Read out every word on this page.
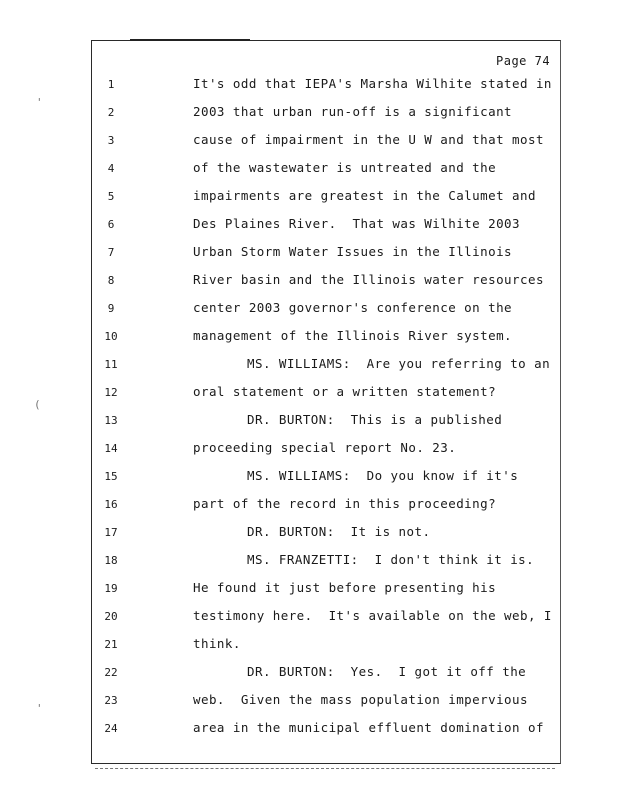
Page 74
'
(
'
1	It's odd that IEPA's Marsha Wilhite stated in
2	2003 that urban run-off is a significant
3	cause of impairment in the U W and that most
4	of the wastewater is untreated and the
5	impairments are greatest in the Calumet and
6	Des Plaines River.  That was Wilhite 2003
7	Urban Storm Water Issues in the Illinois
8	River basin and the Illinois water resources
9	center 2003 governor's conference on the
10	management of the Illinois River system.
11	MS. WILLIAMS:  Are you referring to an
12	oral statement or a written statement?
13	DR. BURTON:  This is a published
14	proceeding special report No. 23.
15	MS. WILLIAMS:  Do you know if it's
16	part of the record in this proceeding?
17	DR. BURTON:  It is not.
18	MS. FRANZETTI:  I don't think it is.
19	He found it just before presenting his
20	testimony here.  It's available on the web, I
21	think.
22	DR. BURTON:  Yes.  I got it off the
23	web.  Given the mass population impervious
24	area in the municipal effluent domination of
